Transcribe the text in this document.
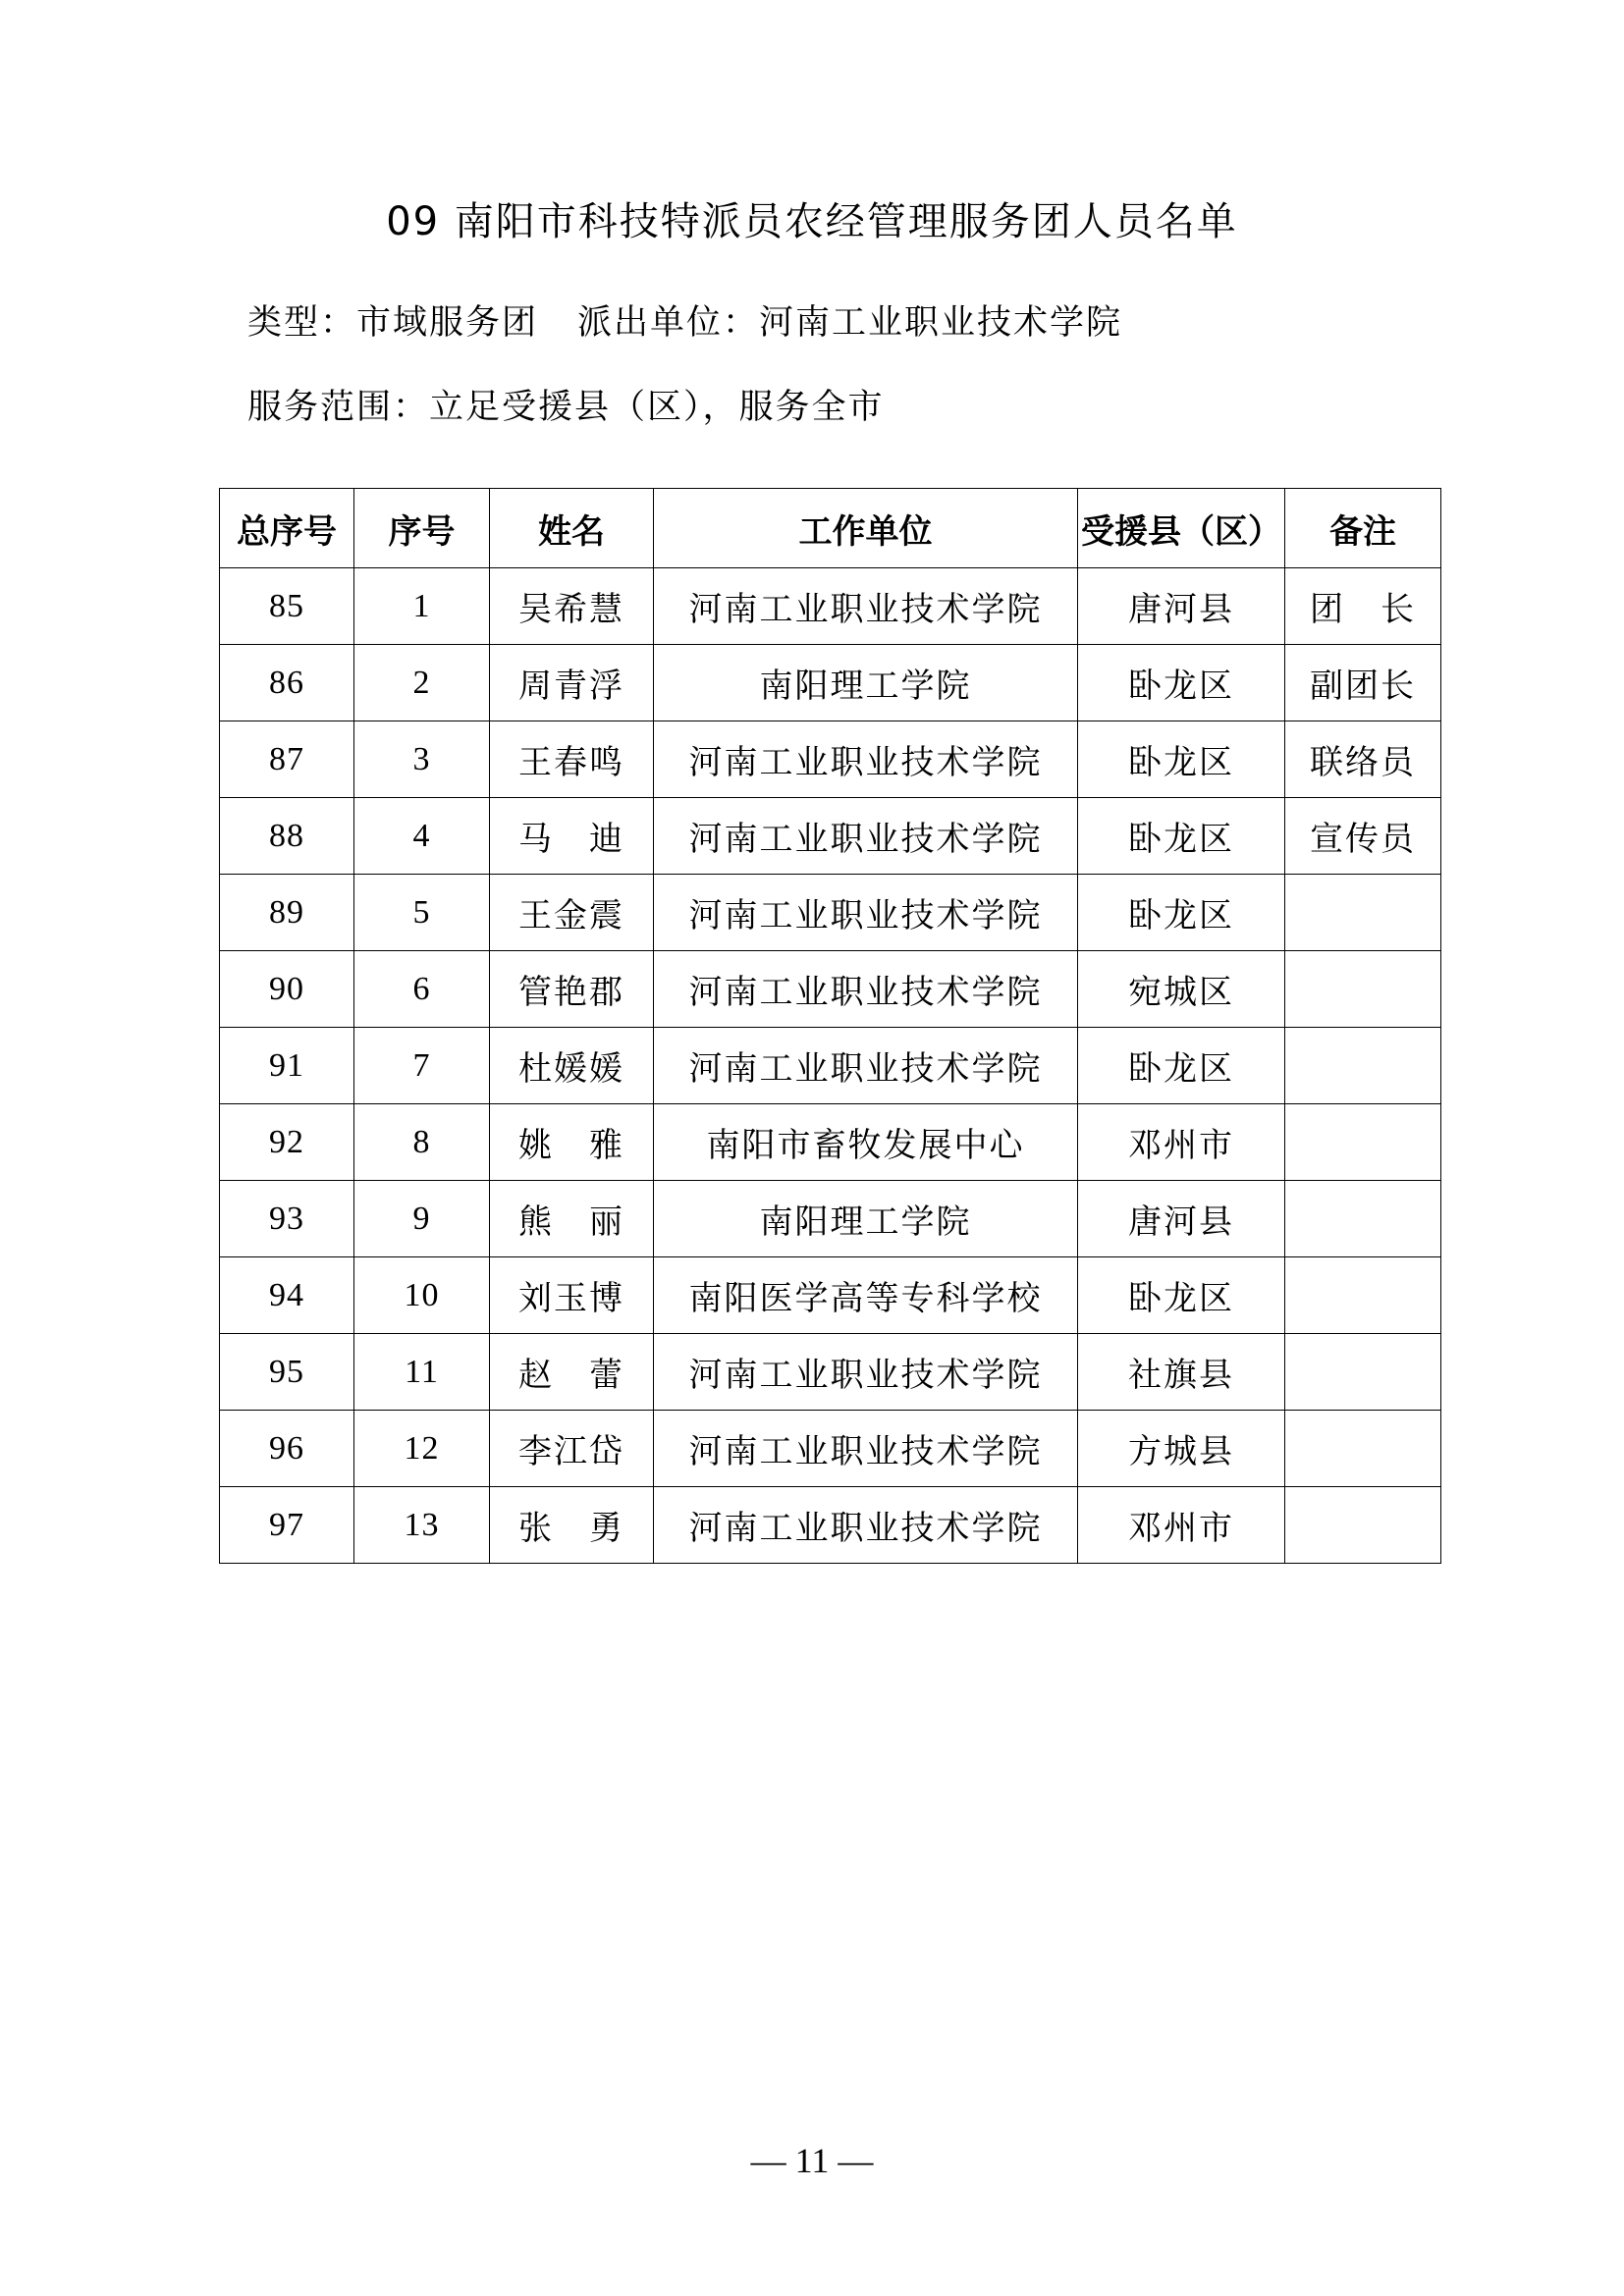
09 南阳市科技特派员农经管理服务团人员名单
类型：市域服务团 派出单位：河南工业职业技术学院
服务范围：立足受援县（区），服务全市
总序号	序号	姓名	工作单位	受援县（区）	备注
85	1	吴希慧	河南工业职业技术学院	唐河县	团　长
86	2	周青浮	南阳理工学院	卧龙区	副团长
87	3	王春鸣	河南工业职业技术学院	卧龙区	联络员
88	4	马　迪	河南工业职业技术学院	卧龙区	宣传员
89	5	王金震	河南工业职业技术学院	卧龙区	
90	6	管艳郡	河南工业职业技术学院	宛城区	
91	7	杜媛媛	河南工业职业技术学院	卧龙区	
92	8	姚　雅	南阳市畜牧发展中心	邓州市	
93	9	熊　丽	南阳理工学院	唐河县	
94	10	刘玉博	南阳医学高等专科学校	卧龙区	
95	11	赵　蕾	河南工业职业技术学院	社旗县	
96	12	李江岱	河南工业职业技术学院	方城县	
97	13	张　勇	河南工业职业技术学院	邓州市	
— 11 —
